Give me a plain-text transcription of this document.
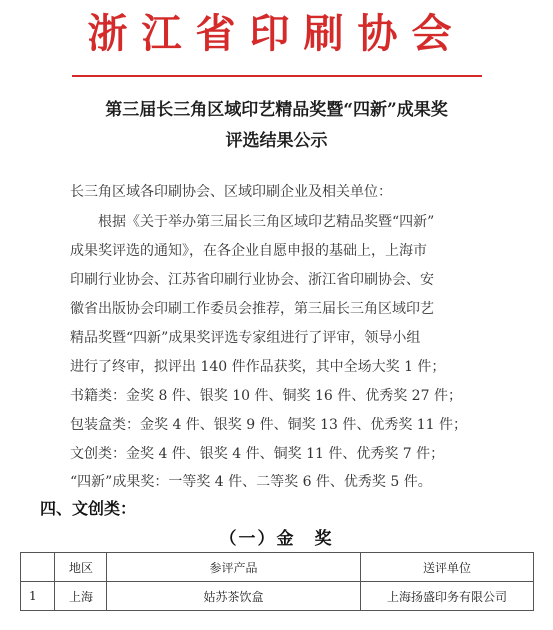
浙江省印刷协会
第三届长三角区域印艺精品奖暨“四新”成果奖
评选结果公示
长三角区域各印刷协会、区域印刷企业及相关单位：
　　根据《关于举办第三届长三角区域印艺精品奖暨“四新”
成果奖评选的通知》，在各企业自愿申报的基础上，上海市
印刷行业协会、江苏省印刷行业协会、浙江省印刷协会、安
徽省出版协会印刷工作委员会推荐，第三届长三角区域印艺
精品奖暨“四新”成果奖评选专家组进行了评审，领导小组
进行了终审，拟评出 140 件作品获奖，其中全场大奖 1 件；
书籍类：金奖 8 件、银奖 10 件、铜奖 16 件、优秀奖 27 件；
包装盒类：金奖 4 件、银奖 9 件、铜奖 13 件、优秀奖 11 件；
文创类：金奖 4 件、银奖 4 件、铜奖 11 件、优秀奖 7 件；
“四新”成果奖：一等奖 4 件、二等奖 6 件、优秀奖 5 件。
四、文创类：
（一）金　奖
	地区	参评产品	送评单位
1	上海	姑苏茶饮盒	上海扬盛印务有限公司
